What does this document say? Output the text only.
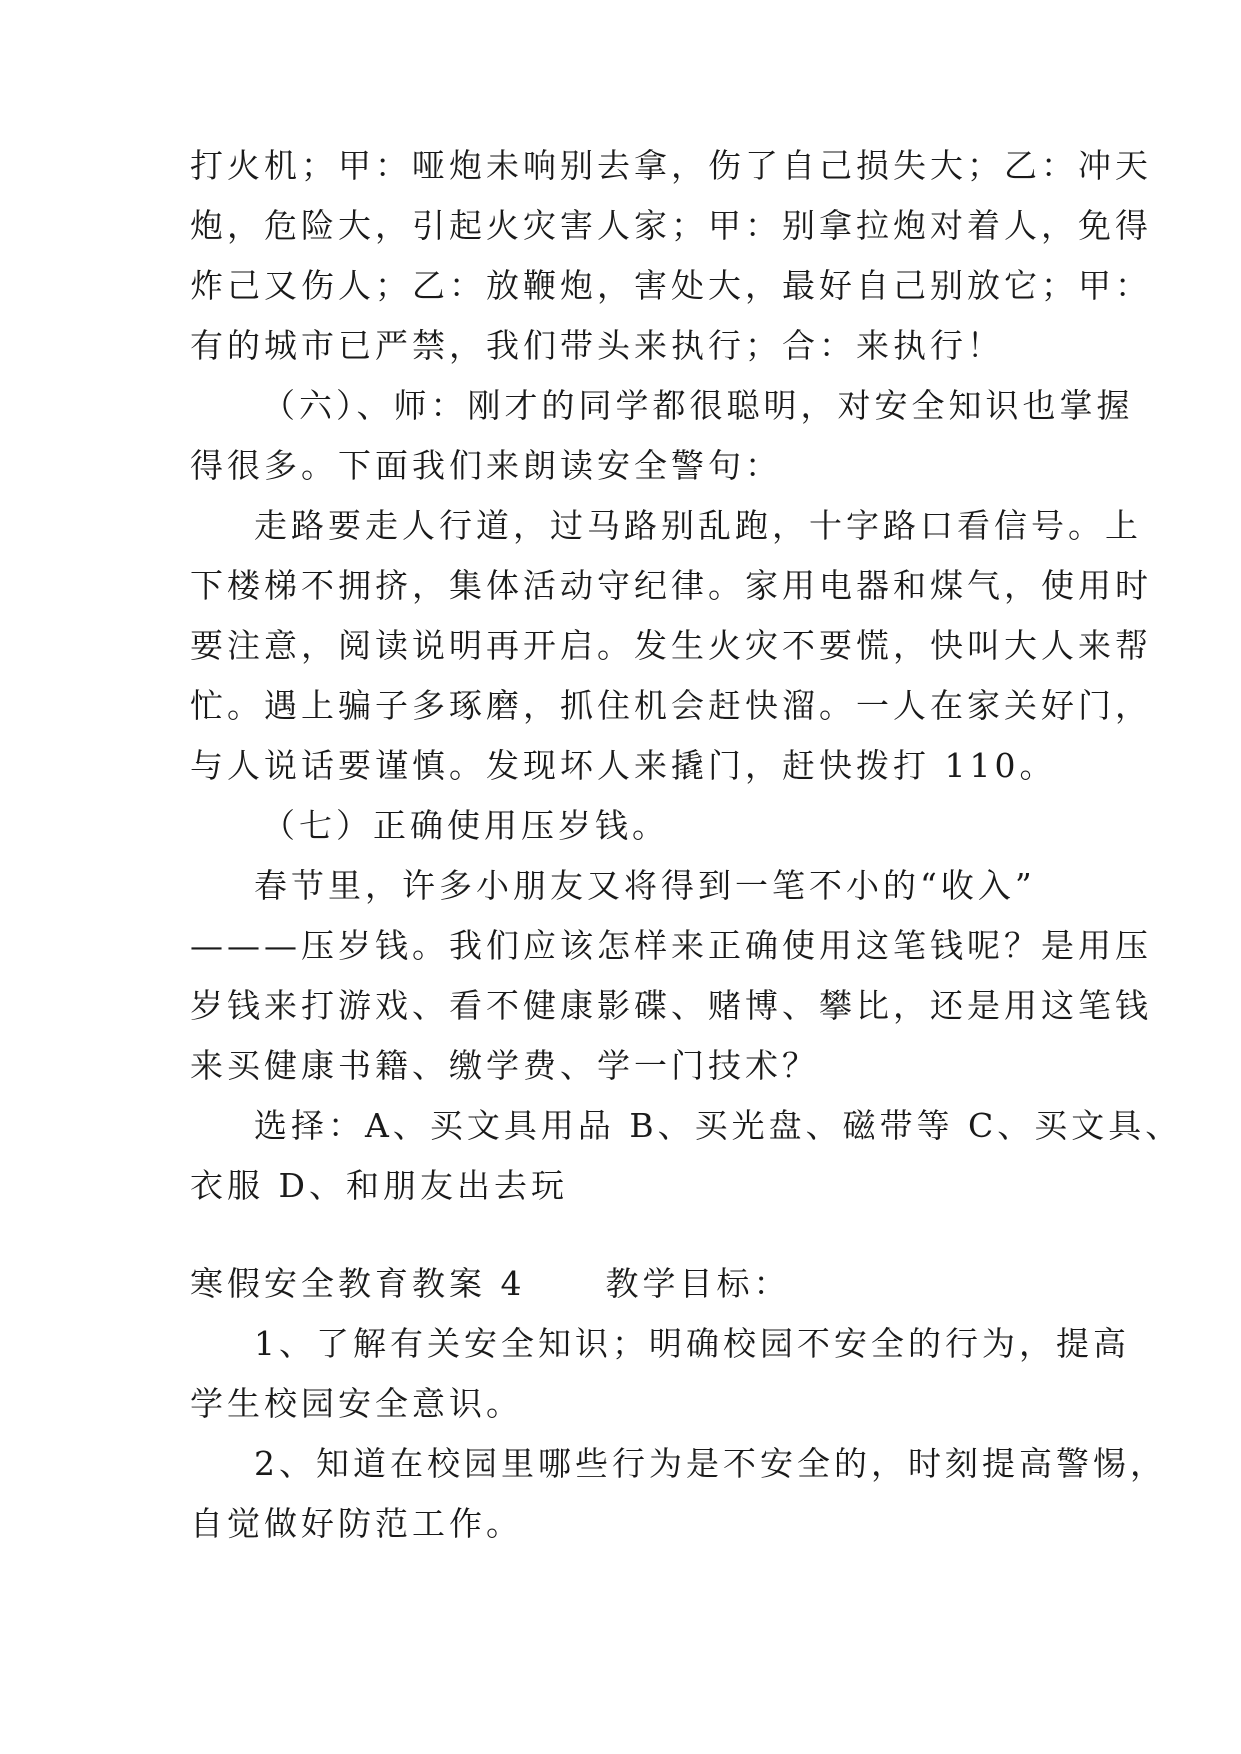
打火机；甲：哑炮未响别去拿，伤了自己损失大；乙：冲天
炮，危险大，引起火灾害人家；甲：别拿拉炮对着人，免得
炸己又伤人；乙：放鞭炮，害处大，最好自己别放它；甲：
有的城市已严禁，我们带头来执行；合：来执行！
（六）、师：刚才的同学都很聪明，对安全知识也掌握
得很多。下面我们来朗读安全警句：
走路要走人行道，过马路别乱跑，十字路口看信号。上
下楼梯不拥挤，集体活动守纪律。家用电器和煤气，使用时
要注意，阅读说明再开启。发生火灾不要慌，快叫大人来帮
忙。遇上骗子多琢磨，抓住机会赶快溜。一人在家关好门，
与人说话要谨慎。发现坏人来撬门，赶快拨打 110。
（七）正确使用压岁钱。
春节里，许多小朋友又将得到一笔不小的“收入”
———压岁钱。我们应该怎样来正确使用这笔钱呢？是用压
岁钱来打游戏、看不健康影碟、赌博、攀比，还是用这笔钱
来买健康书籍、缴学费、学一门技术？
选择：A、买文具用品 B、买光盘、磁带等 C、买文具、
衣服 D、和朋友出去玩
寒假安全教育教案 4 教学目标：
1、了解有关安全知识；明确校园不安全的行为，提高
学生校园安全意识。
2、知道在校园里哪些行为是不安全的，时刻提高警惕，
自觉做好防范工作。
